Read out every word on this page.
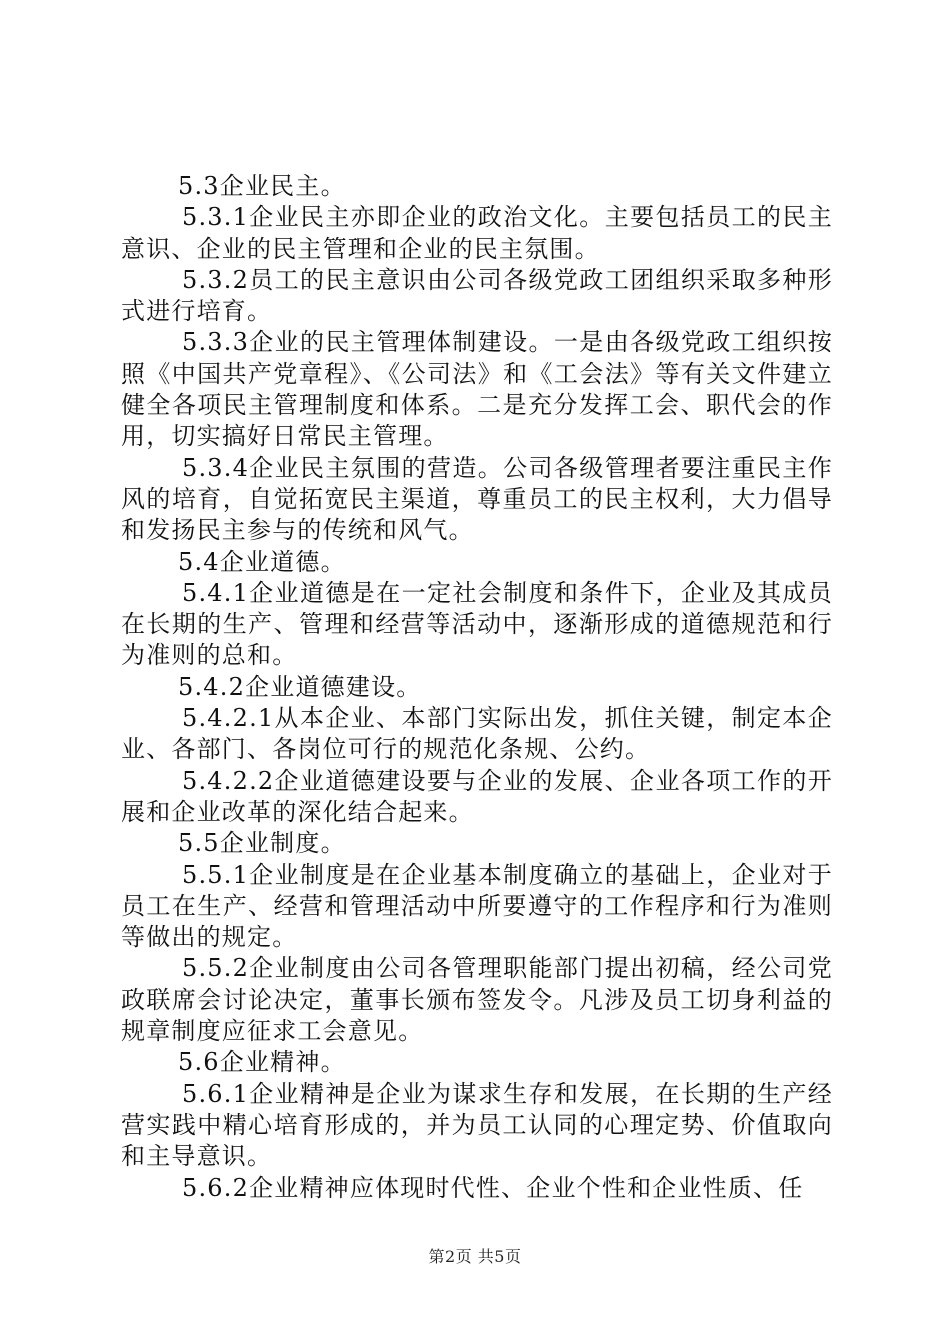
5.3企业民主。

5.3.1企业民主亦即企业的政治文化。主要包括员工的民主意识、企业的民主管理和企业的民主氛围。

5.3.2员工的民主意识由公司各级党政工团组织采取多种形式进行培育。

5.3.3企业的民主管理体制建设。一是由各级党政工组织按照《中国共产党章程》、《公司法》和《工会法》等有关文件建立健全各项民主管理制度和体系。二是充分发挥工会、职代会的作用，切实搞好日常民主管理。

5.3.4企业民主氛围的营造。公司各级管理者要注重民主作风的培育，自觉拓宽民主渠道，尊重员工的民主权利，大力倡导和发扬民主参与的传统和风气。

5.4企业道德。

5.4.1企业道德是在一定社会制度和条件下，企业及其成员在长期的生产、管理和经营等活动中，逐渐形成的道德规范和行为准则的总和。

5.4.2企业道德建设。

5.4.2.1从本企业、本部门实际出发，抓住关键，制定本企业、各部门、各岗位可行的规范化条规、公约。

5.4.2.2企业道德建设要与企业的发展、企业各项工作的开展和企业改革的深化结合起来。

5.5企业制度。

5.5.1企业制度是在企业基本制度确立的基础上，企业对于员工在生产、经营和管理活动中所要遵守的工作程序和行为准则等做出的规定。

5.5.2企业制度由公司各管理职能部门提出初稿，经公司党政联席会讨论决定，董事长颁布签发令。凡涉及员工切身利益的规章制度应征求工会意见。

5.6企业精神。

5.6.1企业精神是企业为谋求生存和发展，在长期的生产经营实践中精心培育形成的，并为员工认同的心理定势、价值取向和主导意识。

5.6.2企业精神应体现时代性、企业个性和企业性质、任

第2页 共5页
